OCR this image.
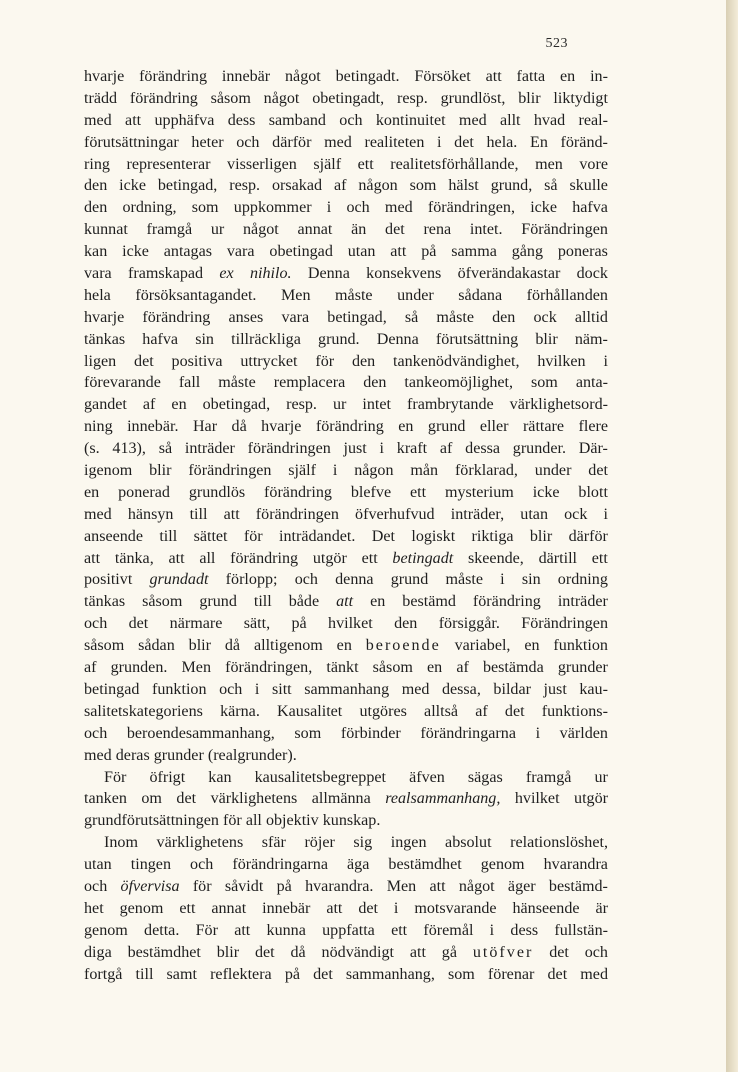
523
hvarje förändring innebär något betingadt. Försöket att fatta en in-
trädd förändring såsom något obetingadt, resp. grundlöst, blir liktydigt
med att upphäfva dess samband och kontinuitet med allt hvad real-
förutsättningar heter och därför med realiteten i det hela. En föränd-
ring representerar visserligen själf ett realitetsförhållande, men vore
den icke betingad, resp. orsakad af någon som hälst grund, så skulle
den ordning, som uppkommer i och med förändringen, icke hafva
kunnat framgå ur något annat än det rena intet. Förändringen
kan icke antagas vara obetingad utan att på samma gång poneras
vara framskapad ex nihilo. Denna konsekvens öfverändakastar dock
hela försöksantagandet. Men måste under sådana förhållanden
hvarje förändring anses vara betingad, så måste den ock alltid
tänkas hafva sin tillräckliga grund. Denna förutsättning blir näm-
ligen det positiva uttrycket för den tankenödvändighet, hvilken i
förevarande fall måste remplacera den tankeomöjlighet, som anta-
gandet af en obetingad, resp. ur intet frambrytande värklighetsord-
ning innebär. Har då hvarje förändring en grund eller rättare flere
(s. 413), så inträder förändringen just i kraft af dessa grunder. Där-
igenom blir förändringen själf i någon mån förklarad, under det
en ponerad grundlös förändring blefve ett mysterium icke blott
med hänsyn till att förändringen öfverhufvud inträder, utan ock i
anseende till sättet för inträdandet. Det logiskt riktiga blir därför
att tänka, att all förändring utgör ett betingadt skeende, därtill ett
positivt grundadt förlopp; och denna grund måste i sin ordning
tänkas såsom grund till både att en bestämd förändring inträder
och det närmare sätt, på hvilket den försiggår. Förändringen
såsom sådan blir då alltigenom en beroende variabel, en funktion
af grunden. Men förändringen, tänkt såsom en af bestämda grunder
betingad funktion och i sitt sammanhang med dessa, bildar just kau-
salitetskategoriens kärna. Kausalitet utgöres alltså af det funktions-
och beroendesammanhang, som förbinder förändringarna i världen
med deras grunder (realgrunder).
För öfrigt kan kausalitetsbegreppet äfven sägas framgå ur
tanken om det värklighetens allmänna realsammanhang, hvilket utgör
grundförutsättningen för all objektiv kunskap.
Inom värklighetens sfär röjer sig ingen absolut relationslöshet,
utan tingen och förändringarna äga bestämdhet genom hvarandra
och öfvervisa för såvidt på hvarandra. Men att något äger bestämd-
het genom ett annat innebär att det i motsvarande hänseende är
genom detta. För att kunna uppfatta ett föremål i dess fullstän-
diga bestämdhet blir det då nödvändigt att gå utöfver det och
fortgå till samt reflektera på det sammanhang, som förenar det med
